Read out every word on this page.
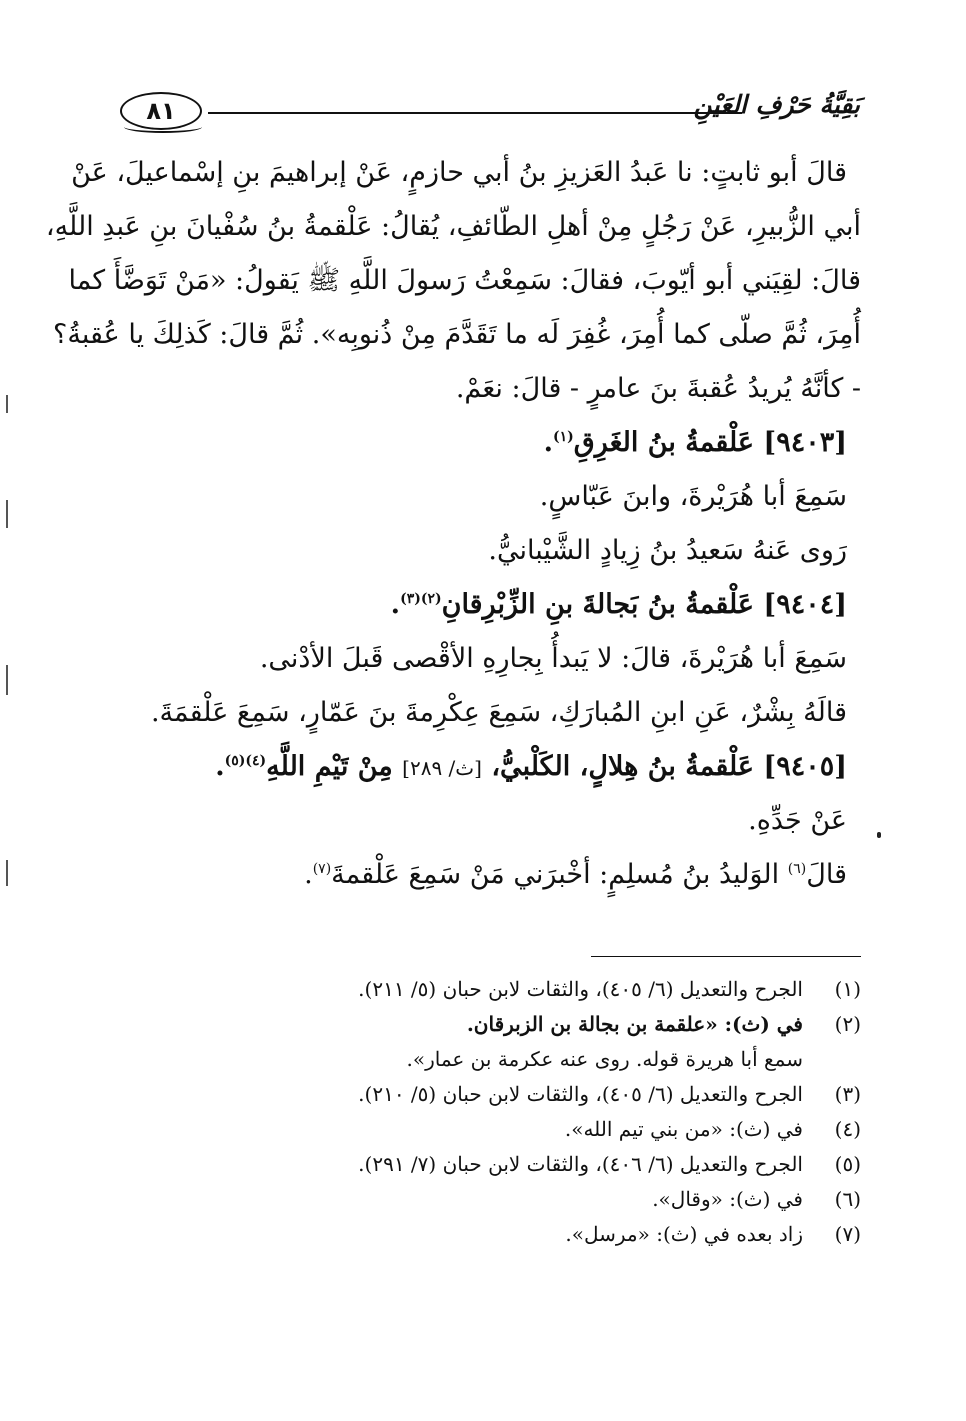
٨١	بَقِيَّةُ حَرْفِ العَيْنِ
قالَ أبو ثابتٍ: نا عَبدُ العَزيزِ بنُ أبي حازمٍ، عَنْ إبراهيمَ بنِ إسْماعيلَ، عَنْ
أبي الزُّبيرِ، عَنْ رَجُلٍ مِنْ أهلِ الطّائفِ، يُقالُ: عَلْقمةُ بنُ سُفْيانَ بنِ عَبدِ اللَّهِ،
قالَ: لقِيَني أبو أيّوبَ، فقالَ: سَمِعْتُ رَسولَ اللَّهِ ﷺ يَقولُ: «مَنْ تَوَضَّأَ كما
أُمِرَ، ثُمَّ صلّى كما أُمِرَ، غُفِرَ لَه ما تَقَدَّمَ مِنْ ذُنوبِه». ثُمَّ قالَ: كَذلِكَ يا عُقبةُ؟
- كأنَّهُ يُريدُ عُقبةَ بنَ عامرٍ - قالَ: نعَمْ.
[٩٤٠٣] عَلْقمةُ بنُ الغَرِقِ$^{(١)}$.
سَمِعَ أبا هُرَيْرةَ، وابنَ عَبّاسٍ.
رَوى عَنهُ سَعيدُ بنُ زِيادٍ الشَّيْبانيُّ.
[٩٤٠٤] عَلْقمةُ بنُ بَجالةَ بنِ الزِّبْرِقانِ$^{(٢)(٣)}$.
سَمِعَ أبا هُرَيْرةَ، قالَ: لا يَبدأُ بِجارِهِ الأقْصى قَبلَ الأدْنى.
قالَهُ بِشْرٌ، عَنِ ابنِ المُبارَكِ، سَمِعَ عِكْرِمةَ بنَ عَمّارٍ، سَمِعَ عَلْقمَةَ.
[٩٤٠٥] عَلْقمةُ بنُ هِلالٍ، الكَلْبيُّ، [ث/ ٢٨٩] مِنْ تَيْمِ اللَّهِ$^{(٤)(٥)}$.
عَنْ جَدِّهِ.
قالَ$^{(٦)}$ الوَليدُ بنُ مُسلِمٍ: أخْبرَني مَنْ سَمِعَ عَلْقمةَ$^{(٧)}$.
(١)
الجرح والتعديل (٦/ ٤٠٥)، والثقات لابن حبان (٥/ ٢١١).
(٢)
في (ث): «علقمة بن بجالة بن الزبرقان.
سمع أبا هريرة قوله. روى عنه عكرمة بن عمار».
(٣)
الجرح والتعديل (٦/ ٤٠٥)، والثقات لابن حبان (٥/ ٢١٠).
(٤)
في (ث): «من بني تيم الله».
(٥)
الجرح والتعديل (٦/ ٤٠٦)، والثقات لابن حبان (٧/ ٢٩١).
(٦)
في (ث): «وقال».
(٧)
زاد بعده في (ث): «مرسل».
